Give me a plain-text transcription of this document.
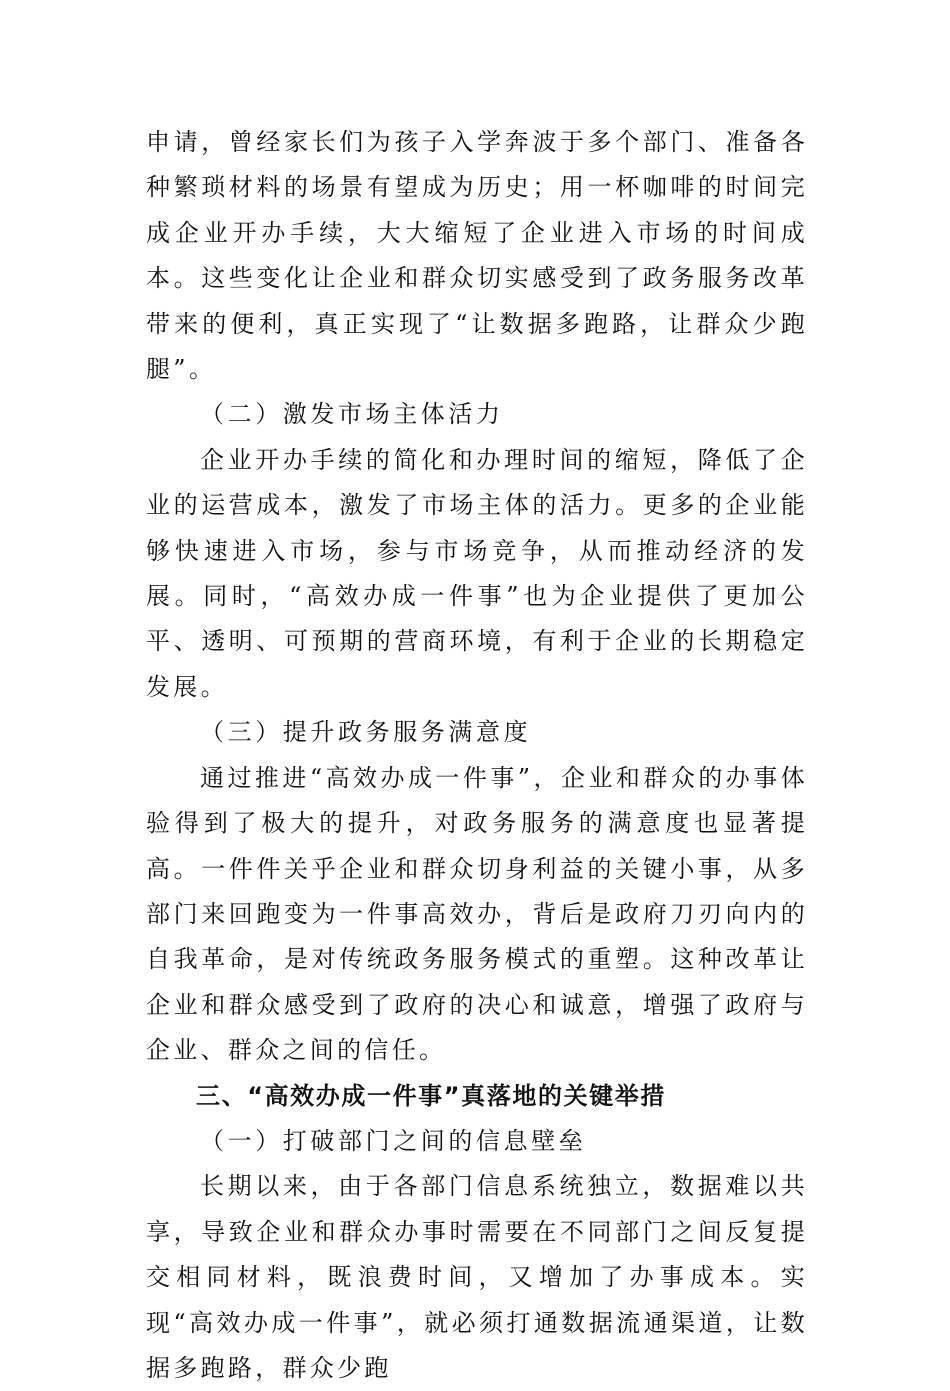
申请，曾经家长们为孩子入学奔波于多个部门、准备各种繁琐材料的场景有望成为历史；用一杯咖啡的时间完成企业开办手续，大大缩短了企业进入市场的时间成本。这些变化让企业和群众切实感受到了政务服务改革带来的便利，真正实现了“让数据多跑路，让群众少跑腿”。

（二）激发市场主体活力

企业开办手续的简化和办理时间的缩短，降低了企业的运营成本，激发了市场主体的活力。更多的企业能够快速进入市场，参与市场竞争，从而推动经济的发展。同时，“高效办成一件事”也为企业提供了更加公平、透明、可预期的营商环境，有利于企业的长期稳定发展。

（三）提升政务服务满意度

通过推进“高效办成一件事”，企业和群众的办事体验得到了极大的提升，对政务服务的满意度也显著提高。一件件关乎企业和群众切身利益的关键小事，从多部门来回跑变为一件事高效办，背后是政府刀刃向内的自我革命，是对传统政务服务模式的重塑。这种改革让企业和群众感受到了政府的决心和诚意，增强了政府与企业、群众之间的信任。

三、“高效办成一件事”真落地的关键举措

（一）打破部门之间的信息壁垒

长期以来，由于各部门信息系统独立，数据难以共享，导致企业和群众办事时需要在不同部门之间反复提交相同材料，既浪费时间，又增加了办事成本。实现“高效办成一件事”，就必须打通数据流通渠道，让数据多跑路，群众少跑
